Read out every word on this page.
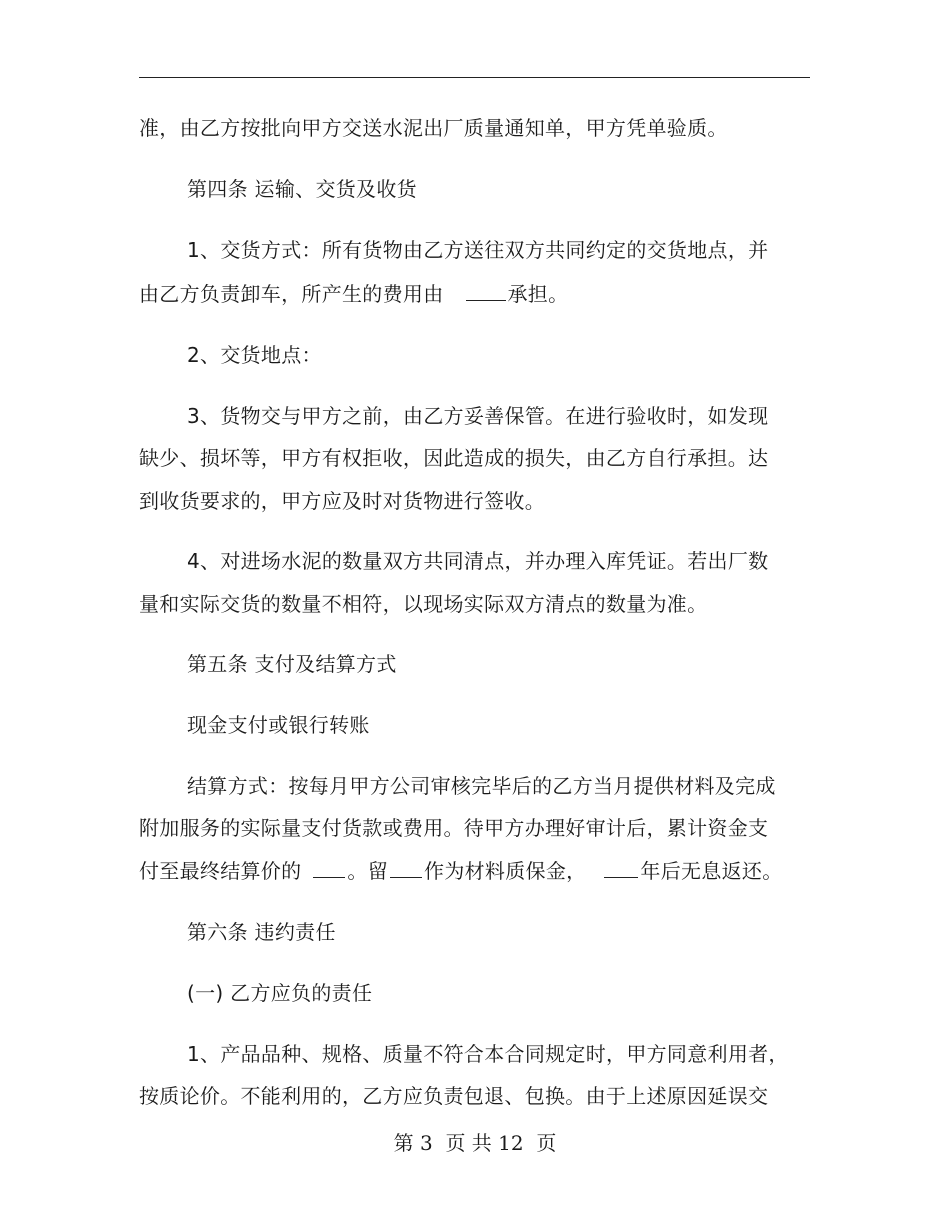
准，由乙方按批向甲方交送水泥出厂质量通知单，甲方凭单验质。
第四条 运输、交货及收货
1、交货方式：所有货物由乙方送往双方共同约定的交货地点，并
由乙方负责卸车，所产生的费用由	承担。
2、交货地点：
3、货物交与甲方之前，由乙方妥善保管。在进行验收时，如发现
缺少、损坏等，甲方有权拒收，因此造成的损失，由乙方自行承担。达
到收货要求的，甲方应及时对货物进行签收。
4、对进场水泥的数量双方共同清点，并办理入库凭证。若出厂数
量和实际交货的数量不相符，以现场实际双方清点的数量为准。
第五条 支付及结算方式
现金支付或银行转账
结算方式：按每月甲方公司审核完毕后的乙方当月提供材料及完成
附加服务的实际量支付货款或费用。待甲方办理好审计后，累计资金支
付至最终结算价的 。留 作为材料质保金，	年后无息返还。
第六条 违约责任
(一) 乙方应负的责任
1、产品品种、规格、质量不符合本合同规定时，甲方同意利用者，
按质论价。不能利用的，乙方应负责包退、包换。由于上述原因延误交
第 3  页 共 12  页
